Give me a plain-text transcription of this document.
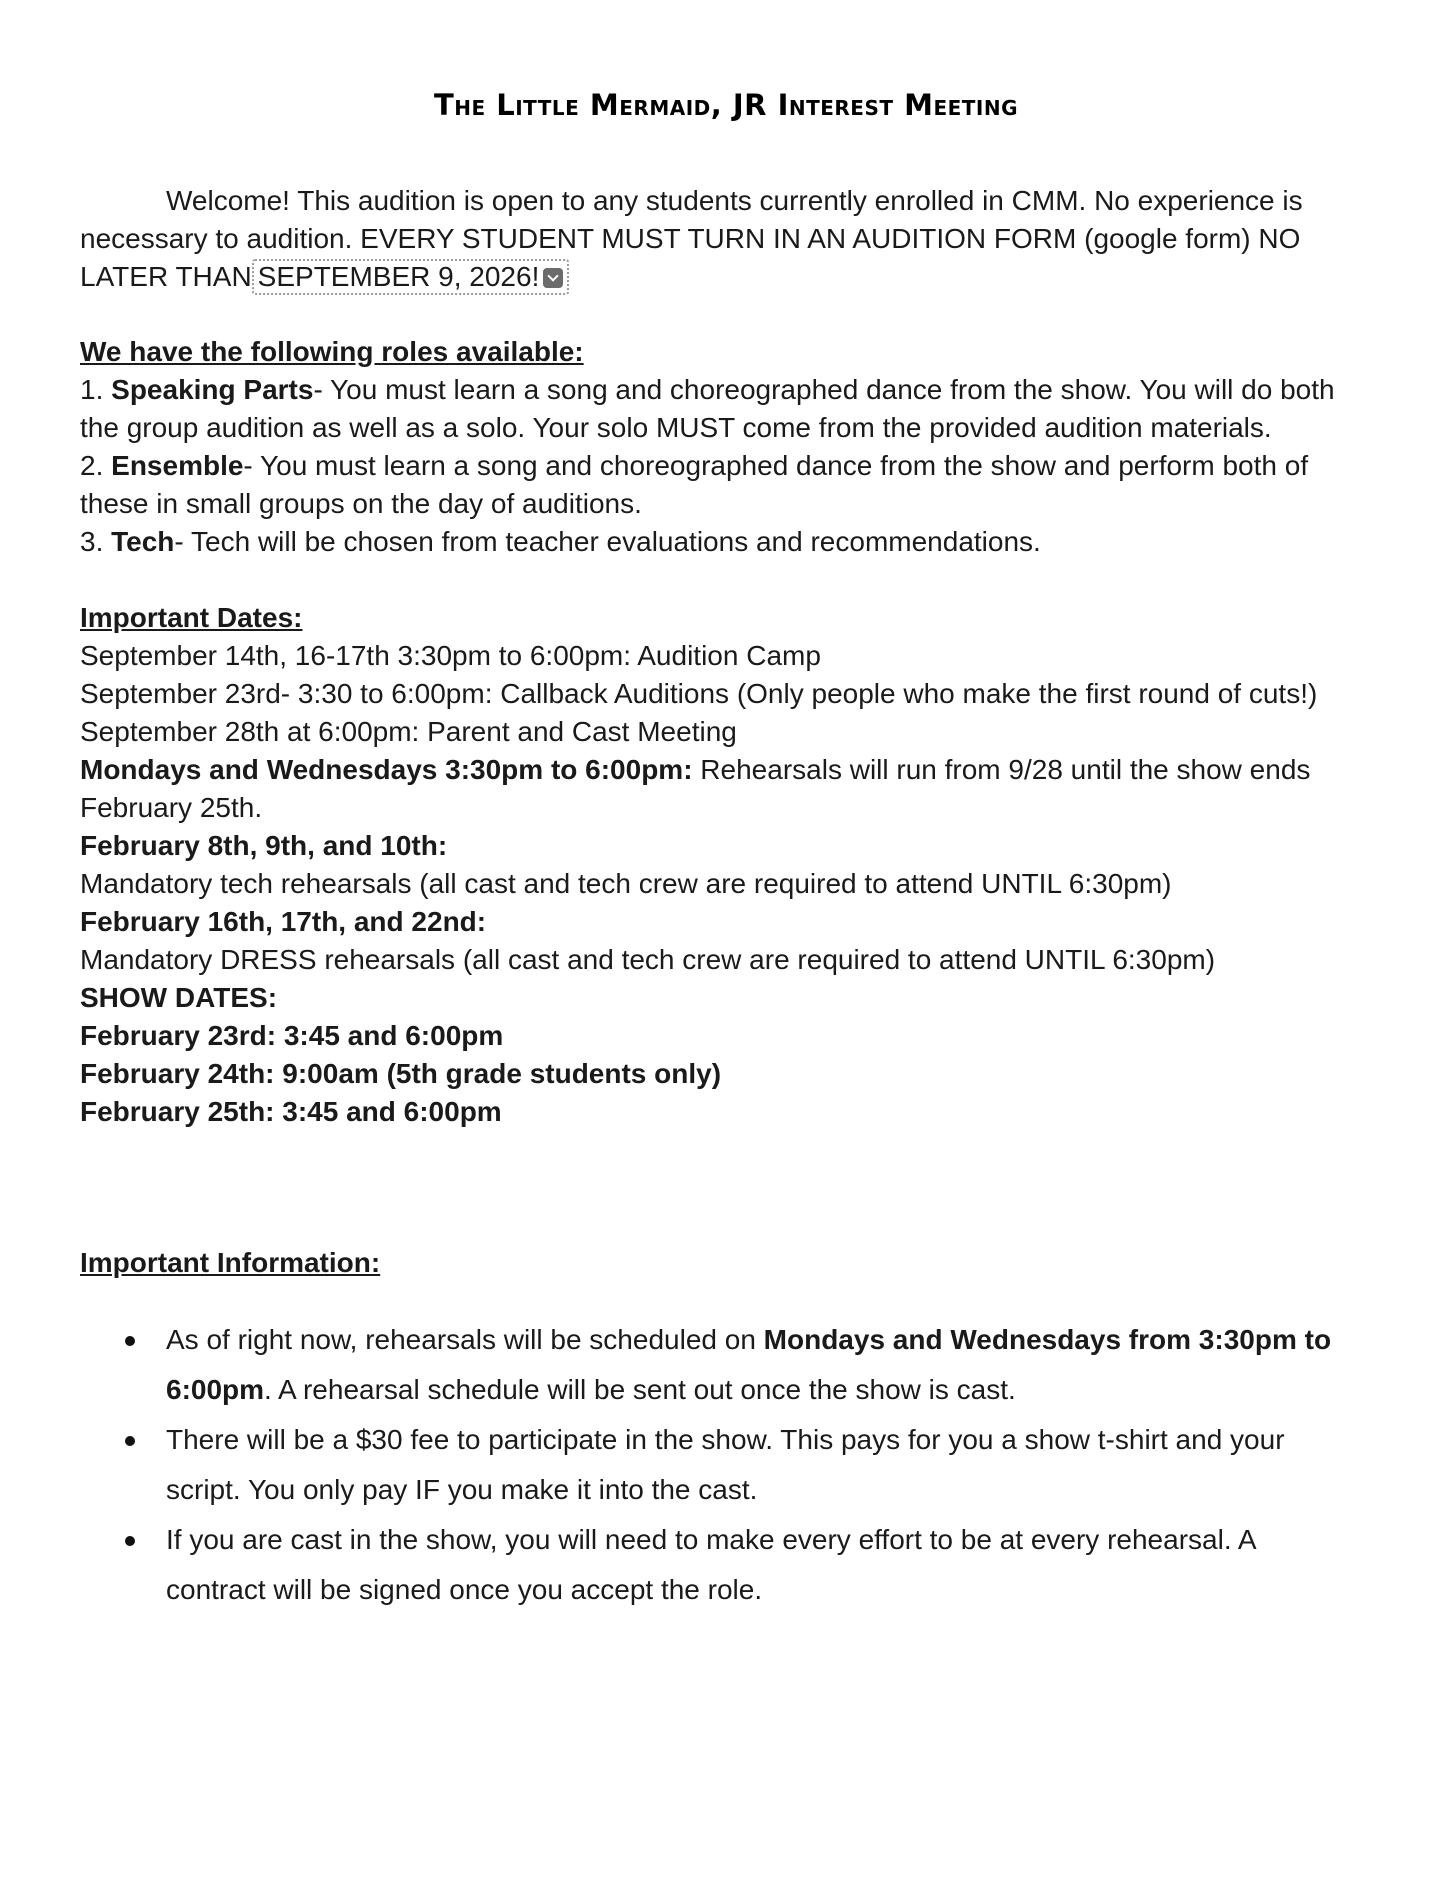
The Little Mermaid, JR Interest Meeting
Welcome! This audition is open to any students currently enrolled in CMM. No experience is
necessary to audition. EVERY STUDENT MUST TURN IN AN AUDITION FORM (google form) NO
LATER THAN SEPTEMBER 9, 2026!
We have the following roles available:
1. Speaking Parts- You must learn a song and choreographed dance from the show. You will do both
the group audition as well as a solo. Your solo MUST come from the provided audition materials.
2. Ensemble- You must learn a song and choreographed dance from the show and perform both of
these in small groups on the day of auditions.
3. Tech- Tech will be chosen from teacher evaluations and recommendations.
Important Dates:
September 14th, 16-17th 3:30pm to 6:00pm: Audition Camp
September 23rd- 3:30 to 6:00pm: Callback Auditions (Only people who make the first round of cuts!)
September 28th at 6:00pm: Parent and Cast Meeting
Mondays and Wednesdays 3:30pm to 6:00pm: Rehearsals will run from 9/28 until the show ends
February 25th.
February 8th, 9th, and 10th:
Mandatory tech rehearsals (all cast and tech crew are required to attend UNTIL 6:30pm)
February 16th, 17th, and 22nd:
Mandatory DRESS rehearsals (all cast and tech crew are required to attend UNTIL 6:30pm)
SHOW DATES:
February 23rd: 3:45 and 6:00pm
February 24th: 9:00am (5th grade students only)
February 25th: 3:45 and 6:00pm
Important Information:
As of right now, rehearsals will be scheduled on Mondays and Wednesdays from 3:30pm to
6:00pm. A rehearsal schedule will be sent out once the show is cast.
There will be a $30 fee to participate in the show. This pays for you a show t-shirt and your
script. You only pay IF you make it into the cast.
If you are cast in the show, you will need to make every effort to be at every rehearsal. A
contract will be signed once you accept the role.
